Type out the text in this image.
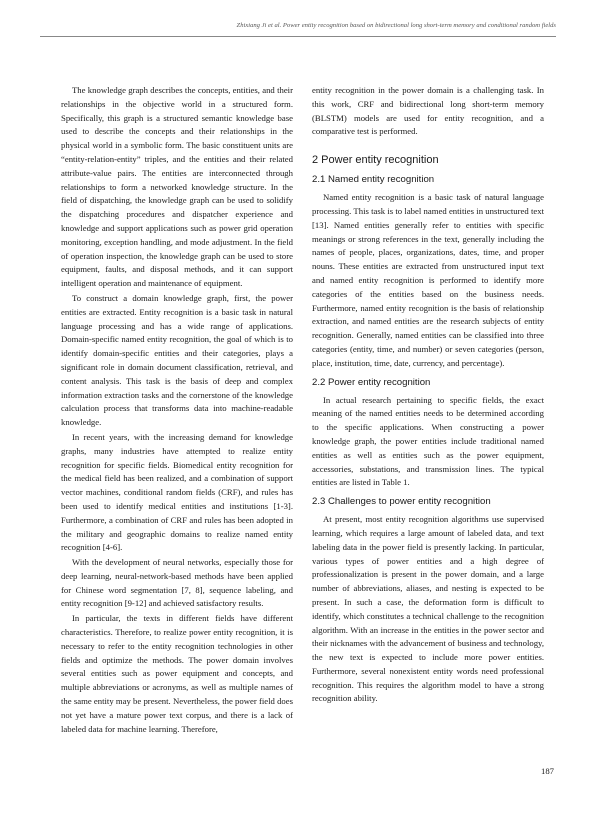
Zhixiang Ji et al. Power entity recognition based on bidirectional long short-term memory and conditional random fields

The knowledge graph describes the concepts, entities, and their relationships in the objective world in a structured form. Specifically, this graph is a structured semantic knowledge base used to describe the concepts and their relationships in the physical world in a symbolic form. The basic constituent units are “entity-relation-entity” triples, and the entities and their related attribute-value pairs. The entities are interconnected through relationships to form a networked knowledge structure. In the field of dispatching, the knowledge graph can be used to solidify the dispatching procedures and dispatcher experience and knowledge and support applications such as power grid operation monitoring, exception handling, and mode adjustment. In the field of operation inspection, the knowledge graph can be used to store equipment, faults, and disposal methods, and it can support intelligent operation and maintenance of equipment.

To construct a domain knowledge graph, first, the power entities are extracted. Entity recognition is a basic task in natural language processing and has a wide range of applications. Domain-specific named entity recognition, the goal of which is to identify domain-specific entities and their categories, plays a significant role in domain document classification, retrieval, and content analysis. This task is the basis of deep and complex information extraction tasks and the cornerstone of the knowledge calculation process that transforms data into machine-readable knowledge.

In recent years, with the increasing demand for knowledge graphs, many industries have attempted to realize entity recognition for specific fields. Biomedical entity recognition for the medical field has been realized, and a combination of support vector machines, conditional random fields (CRF), and rules has been used to identify medical entities and institutions [1-3]. Furthermore, a combination of CRF and rules has been adopted in the military and geographic domains to realize named entity recognition [4-6].

With the development of neural networks, especially those for deep learning, neural-network-based methods have been applied for Chinese word segmentation [7, 8], sequence labeling, and entity recognition [9-12] and achieved satisfactory results.

In particular, the texts in different fields have different characteristics. Therefore, to realize power entity recognition, it is necessary to refer to the entity recognition technologies in other fields and optimize the methods. The power domain involves several entities such as power equipment and concepts, and multiple abbreviations or acronyms, as well as multiple names of the same entity may be present. Nevertheless, the power field does not yet have a mature power text corpus, and there is a lack of labeled data for machine learning. Therefore,

entity recognition in the power domain is a challenging task. In this work, CRF and bidirectional long short-term memory (BLSTM) models are used for entity recognition, and a comparative test is performed.

2 Power entity recognition
2.1 Named entity recognition

Named entity recognition is a basic task of natural language processing. This task is to label named entities in unstructured text [13]. Named entities generally refer to entities with specific meanings or strong references in the text, generally including the names of people, places, organizations, dates, time, and proper nouns. These entities are extracted from unstructured input text and named entity recognition is performed to identify more categories of the entities based on the business needs. Furthermore, named entity recognition is the basis of relationship extraction, and named entities are the research subjects of entity recognition. Generally, named entities can be classified into three categories (entity, time, and number) or seven categories (person, place, institution, time, date, currency, and percentage).

2.2 Power entity recognition

In actual research pertaining to specific fields, the exact meaning of the named entities needs to be determined according to the specific applications. When constructing a power knowledge graph, the power entities include traditional named entities as well as entities such as the power equipment, accessories, substations, and transmission lines. The typical entities are listed in Table 1.

2.3 Challenges to power entity recognition

At present, most entity recognition algorithms use supervised learning, which requires a large amount of labeled data, and text labeling data in the power field is presently lacking. In particular, various types of power entities and a high degree of professionalization is present in the power domain, and a large number of abbreviations, aliases, and nesting is expected to be present. In such a case, the deformation form is difficult to identify, which constitutes a technical challenge to the recognition algorithm. With an increase in the entities in the power sector and their nicknames with the advancement of business and technology, the new text is expected to include more power entities. Furthermore, several nonexistent entity words need professional recognition. This requires the algorithm model to have a strong recognition ability.

187
